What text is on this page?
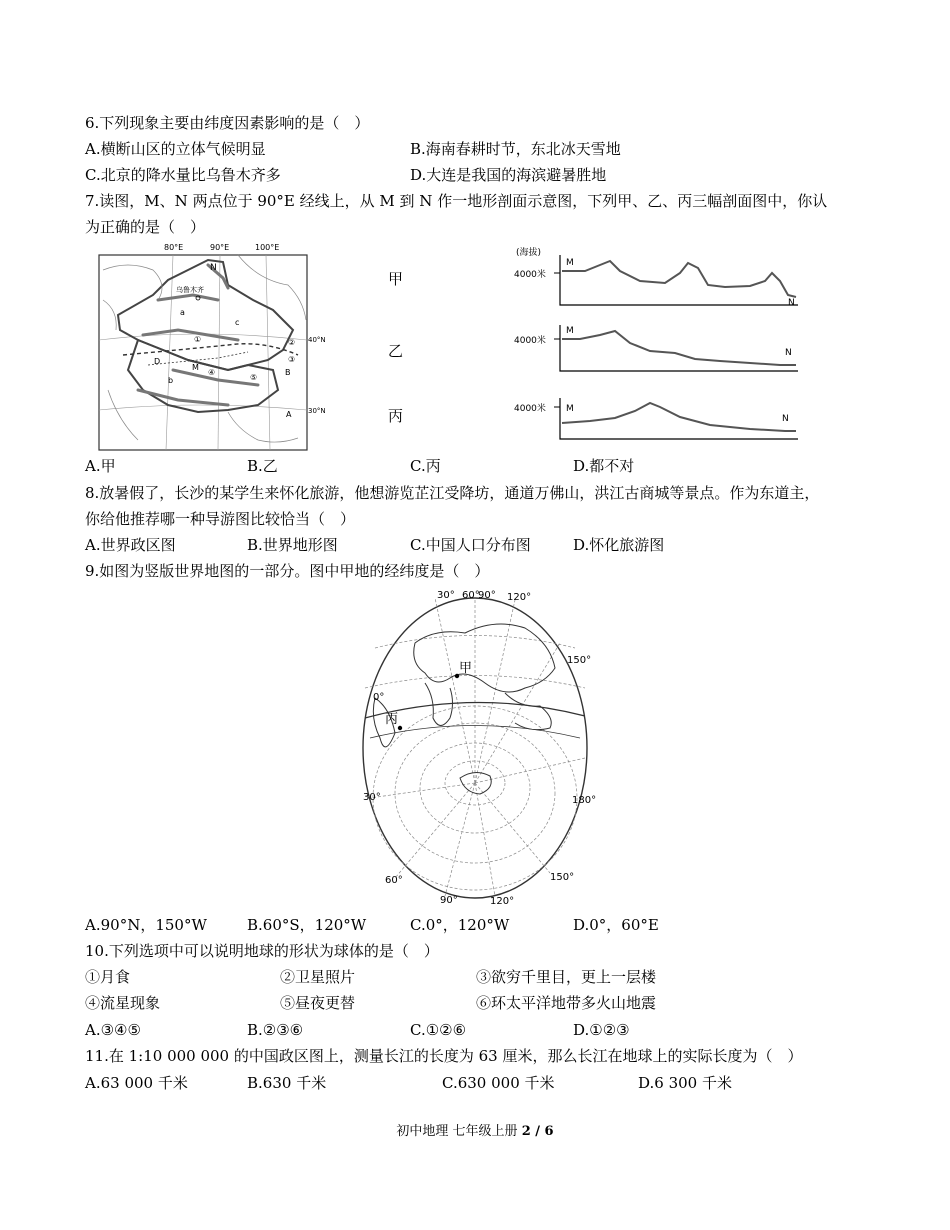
6.下列现象主要由纬度因素影响的是（　）
A.横断山区的立体气候明显	B.海南春耕时节，东北冰天雪地
C.北京的降水量比乌鲁木齐多	D.大连是我国的海滨避暑胜地
7.读图，M、N 两点位于 90°E 经线上，从 M 到 N 作一地形剖面示意图，下列甲、乙、丙三幅剖面图中，你认
为正确的是（　）
80°E	90°E	100°E
40°N
30°N
乌鲁木齐
N
a
c
D
b
M
B
A
①	②
③
④
⑤
甲
乙
丙
(海拔)
4000米
M
N
4000米
M
N
4000米 M
N
A.甲	B.乙	C.丙	D.都不对
8.放暑假了，长沙的某学生来怀化旅游，他想游览芷江受降坊，通道万佛山，洪江古商城等景点。作为东道主，
你给他推荐哪一种导游图比较恰当（　）
A.世界政区图	B.世界地形图	C.中国人口分布图	D.怀化旅游图
9.如图为竖版世界地图的一部分。图中甲地的经纬度是（　）
30° 60°
90° 120°
150°
0°
30°	180°
60°
90°	120°
150°
甲
丙
A.90°N，150°W	B.60°S，120°W	C.0°，120°W	D.0°，60°E
10.下列选项中可以说明地球的形状为球体的是（　）
①月食	②卫星照片	③欲穷千里目，更上一层楼
④流星现象	⑤昼夜更替	⑥环太平洋地带多火山地震
A.③④⑤	B.②③⑥	C.①②⑥	D.①②③
11.在 1:10 000 000 的中国政区图上，测量长江的长度为 63 厘米，那么长江在地球上的实际长度为（　）
A.63 000 千米	B.630 千米	C.630 000 千米	D.6 300 千米
初中地理 七年级上册 2 / 6
